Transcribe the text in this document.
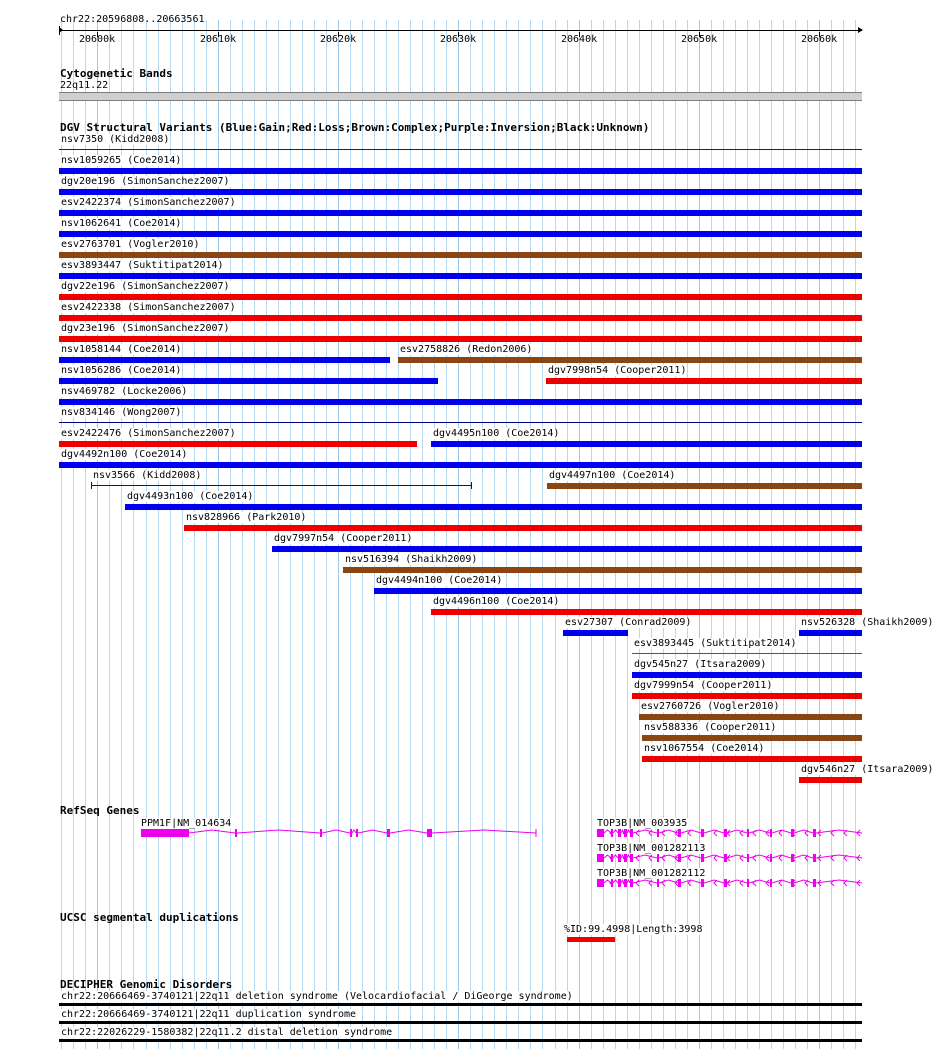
chr22:20596808..20663561
20600k	20610k	20620k	20630k	20640k	20650k	20660k
Cytogenetic Bands
22q11.22
DGV Structural Variants (Blue:Gain;Red:Loss;Brown:Complex;Purple:Inversion;Black:Unknown)
nsv7350 (Kidd2008)
nsv1059265 (Coe2014)
dgv20e196 (SimonSanchez2007)
esv2422374 (SimonSanchez2007)
nsv1062641 (Coe2014)
esv2763701 (Vogler2010)
esv3893447 (Suktitipat2014)
dgv22e196 (SimonSanchez2007)
esv2422338 (SimonSanchez2007)
dgv23e196 (SimonSanchez2007)
nsv1058144 (Coe2014)	esv2758826 (Redon2006)
nsv1056286 (Coe2014)	dgv7998n54 (Cooper2011)
nsv469782 (Locke2006)
nsv834146 (Wong2007)
esv2422476 (SimonSanchez2007)	dgv4495n100 (Coe2014)
dgv4492n100 (Coe2014)
nsv3566 (Kidd2008)	dgv4497n100 (Coe2014)
dgv4493n100 (Coe2014)
nsv828966 (Park2010)
dgv7997n54 (Cooper2011)
nsv516394 (Shaikh2009)
dgv4494n100 (Coe2014)
dgv4496n100 (Coe2014)
esv27307 (Conrad2009)	nsv526328 (Shaikh2009)
esv3893445 (Suktitipat2014)
dgv545n27 (Itsara2009)
dgv7999n54 (Cooper2011)
esv2760726 (Vogler2010)
nsv588336 (Cooper2011)
nsv1067554 (Coe2014)
dgv546n27 (Itsara2009)
RefSeq Genes
UCSC segmental duplications
%ID:99.4998|Length:3998
DECIPHER Genomic Disorders
chr22:20666469-3740121|22q11 deletion syndrome (Velocardiofacial / DiGeorge syndrome)
chr22:20666469-3740121|22q11 duplication syndrome
chr22:22026229-1580382|22q11.2 distal deletion syndrome
PPM1F|NM_014634	TOP3B|NM_003935
TOP3B|NM_001282113
TOP3B|NM_001282112
